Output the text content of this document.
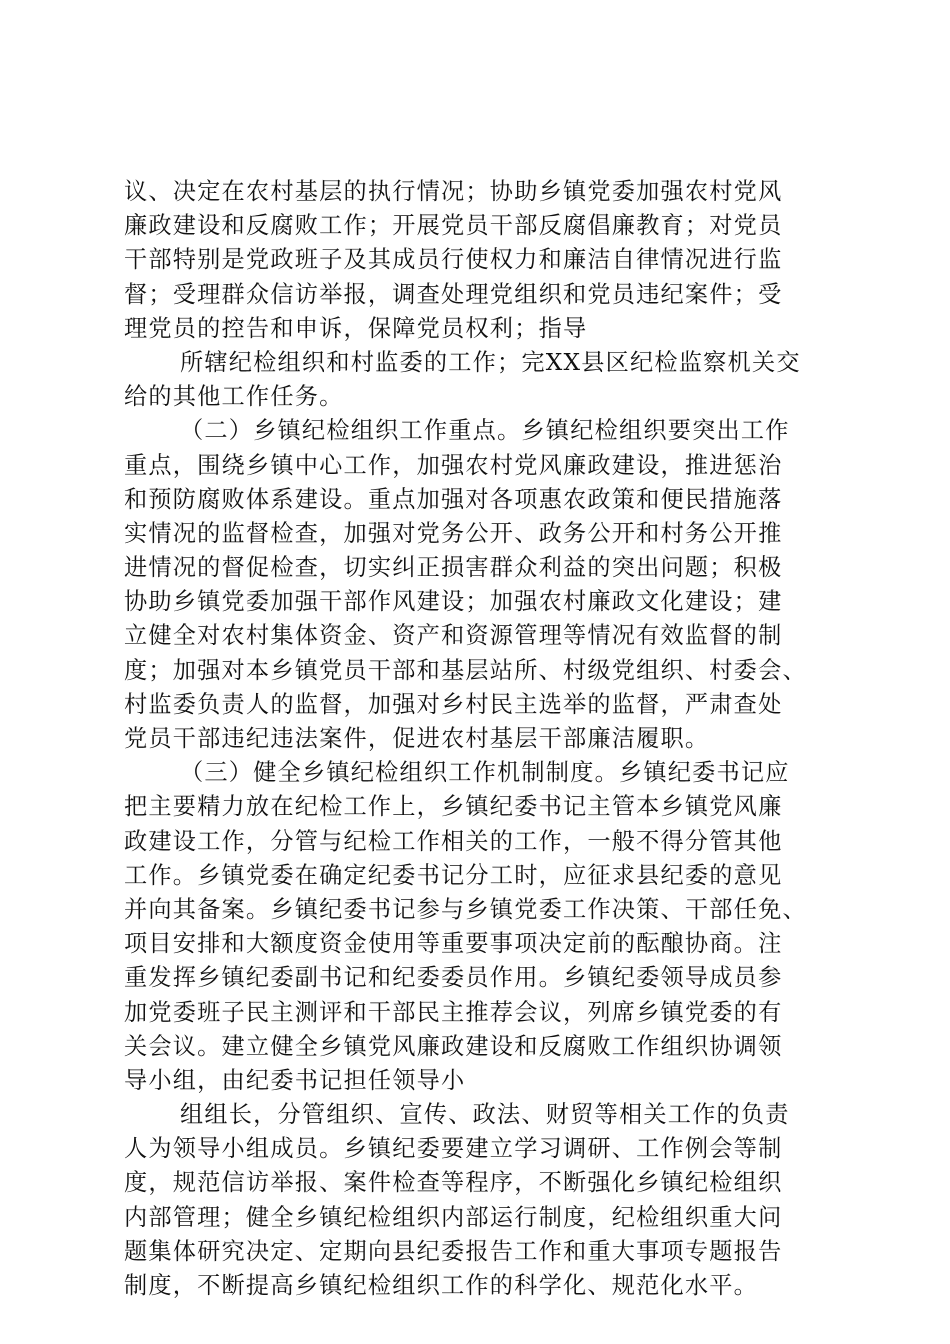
议、决定在农村基层的执行情况；协助乡镇党委加强农村党风
廉政建设和反腐败工作；开展党员干部反腐倡廉教育；对党员
干部特别是党政班子及其成员行使权力和廉洁自律情况进行监
督；受理群众信访举报，调查处理党组织和党员违纪案件；受
理党员的控告和申诉，保障党员权利；指导
所辖纪检组织和村监委的工作；完XX县区纪检监察机关交
给的其他工作任务。
（二）乡镇纪检组织工作重点。乡镇纪检组织要突出工作
重点，围绕乡镇中心工作，加强农村党风廉政建设，推进惩治
和预防腐败体系建设。重点加强对各项惠农政策和便民措施落
实情况的监督检查，加强对党务公开、政务公开和村务公开推
进情况的督促检查，切实纠正损害群众利益的突出问题；积极
协助乡镇党委加强干部作风建设；加强农村廉政文化建设；建
立健全对农村集体资金、资产和资源管理等情况有效监督的制
度；加强对本乡镇党员干部和基层站所、村级党组织、村委会、
村监委负责人的监督，加强对乡村民主选举的监督，严肃查处
党员干部违纪违法案件，促进农村基层干部廉洁履职。
（三）健全乡镇纪检组织工作机制制度。乡镇纪委书记应
把主要精力放在纪检工作上，乡镇纪委书记主管本乡镇党风廉
政建设工作，分管与纪检工作相关的工作，一般不得分管其他
工作。乡镇党委在确定纪委书记分工时，应征求县纪委的意见
并向其备案。乡镇纪委书记参与乡镇党委工作决策、干部任免、
项目安排和大额度资金使用等重要事项决定前的酝酿协商。注
重发挥乡镇纪委副书记和纪委委员作用。乡镇纪委领导成员参
加党委班子民主测评和干部民主推荐会议，列席乡镇党委的有
关会议。建立健全乡镇党风廉政建设和反腐败工作组织协调领
导小组，由纪委书记担任领导小
组组长，分管组织、宣传、政法、财贸等相关工作的负责
人为领导小组成员。乡镇纪委要建立学习调研、工作例会等制
度，规范信访举报、案件检查等程序，不断强化乡镇纪检组织
内部管理；健全乡镇纪检组织内部运行制度，纪检组织重大问
题集体研究决定、定期向县纪委报告工作和重大事项专题报告
制度，不断提高乡镇纪检组织工作的科学化、规范化水平。
